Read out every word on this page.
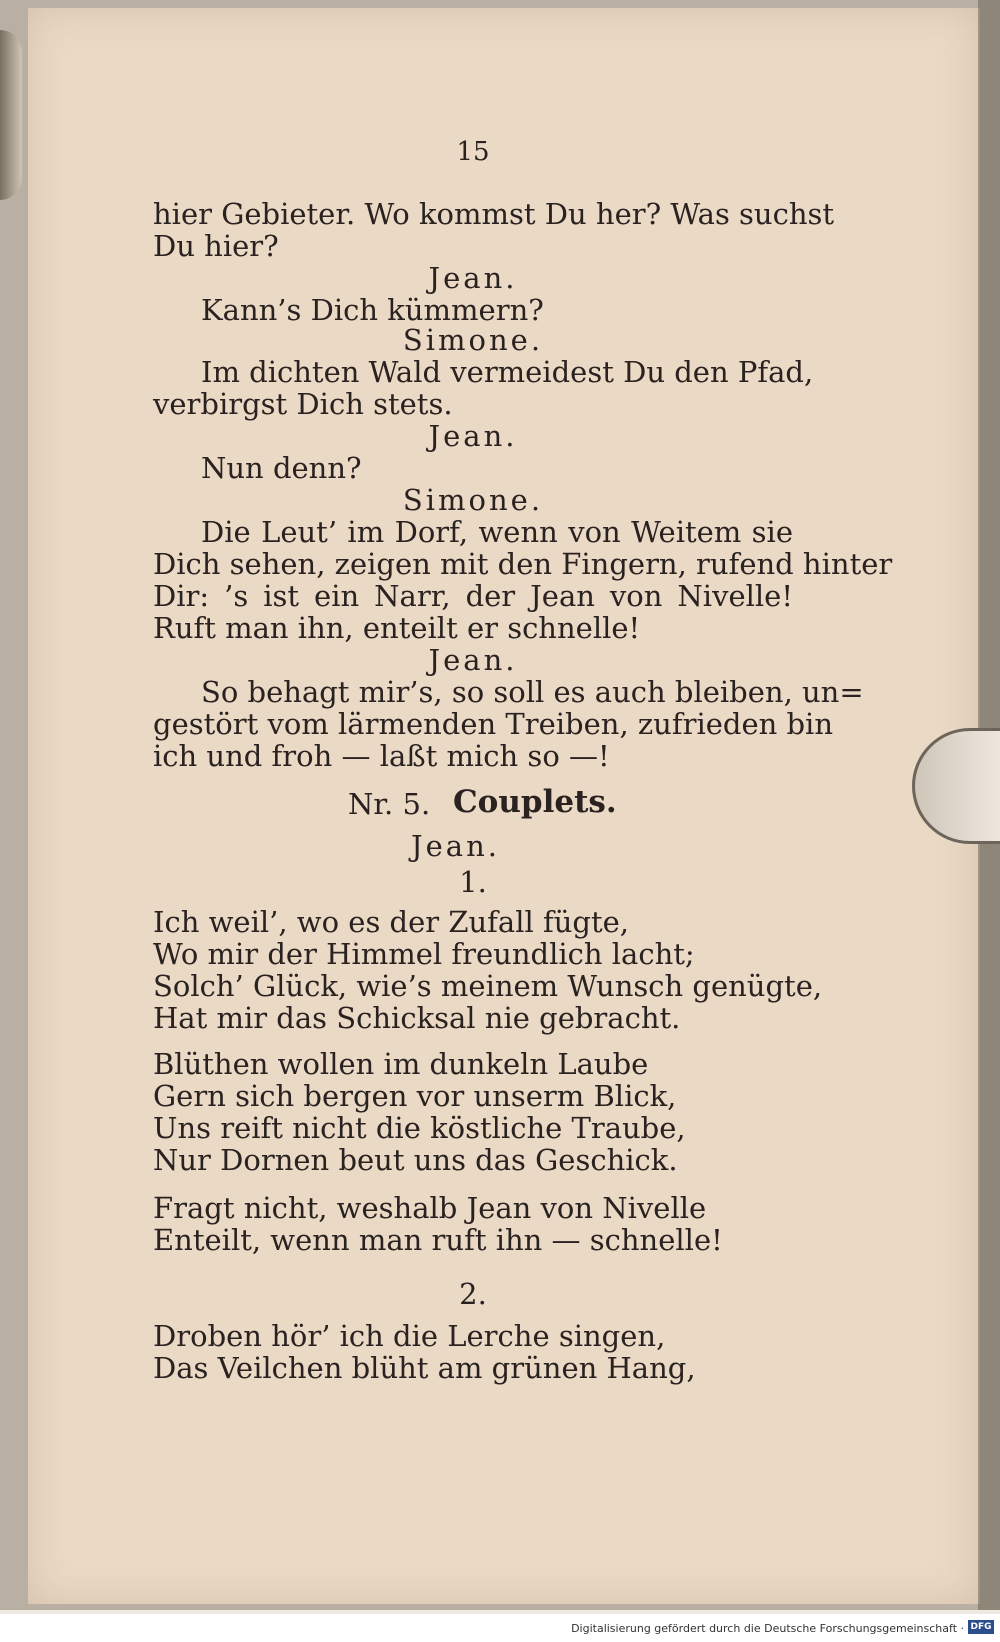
15
hier Gebieter. Wo kommst Du her? Was suchst
Du hier?
Jean.
Kann’s Dich kümmern?
Simone.
Im dichten Wald vermeidest Du den Pfad,
verbirgst Dich stets.
Jean.
Nun denn?
Simone.
Die Leut’ im Dorf, wenn von Weitem sie
Dich sehen, zeigen mit den Fingern, rufend hinter
Dir: ’s ist ein Narr, der Jean von Nivelle!
Ruft man ihn, enteilt er schnelle!
Jean.
So behagt mir’s, so soll es auch bleiben, un=
gestört vom lärmenden Treiben, zufrieden bin
ich und froh — laßt mich so —!
Nr. 5. Couplets.
Jean.
1.
Ich weil’, wo es der Zufall fügte,
Wo mir der Himmel freundlich lacht;
Solch’ Glück, wie’s meinem Wunsch genügte,
Hat mir das Schicksal nie gebracht.
Blüthen wollen im dunkeln Laube
Gern sich bergen vor unserm Blick,
Uns reift nicht die köstliche Traube,
Nur Dornen beut uns das Geschick.
Fragt nicht, weshalb Jean von Nivelle
Enteilt, wenn man ruft ihn — schnelle!
2.
Droben hör’ ich die Lerche singen,
Das Veilchen blüht am grünen Hang,
Digitalisierung gefördert durch die Deutsche Forschungsgemeinschaft · DFG
